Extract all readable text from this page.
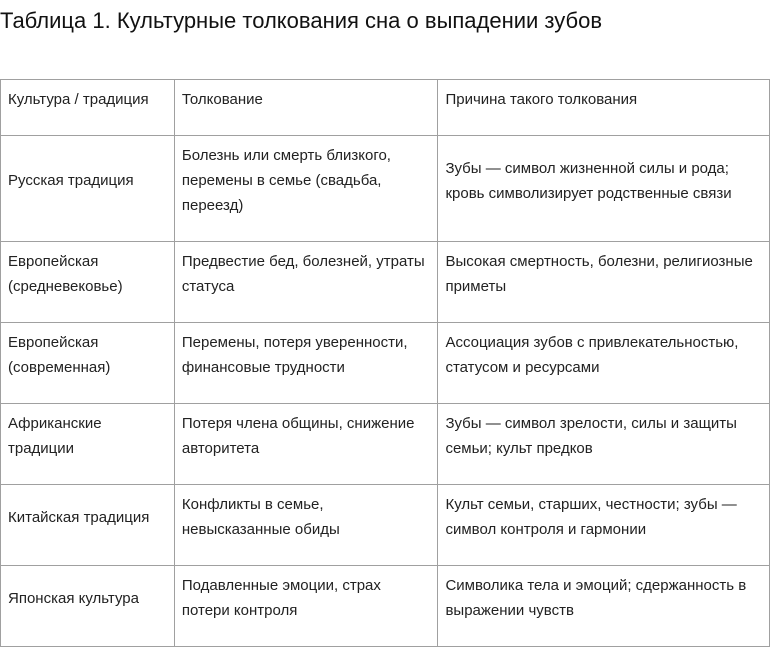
Таблица 1. Культурные толкования сна о выпадении зубов
Культура / традиция	Толкование	Причина такого толкования

Русская традиция	Болезнь или смерть близкого, перемены в семье (свадьба, переезд)	Зубы — символ жизненной силы и рода; кровь символизирует родственные связи

Европейская (средневековье)	Предвестие бед, болезней, утраты статуса	Высокая смертность, болезни, религиозные приметы

Европейская (современная)	Перемены, потеря уверенности, финансовые трудности	Ассоциация зубов с привлекательностью, статусом и ресурсами

Африканские традиции	Потеря члена общины, снижение авторитета	Зубы — символ зрелости, силы и защиты семьи; культ предков

Китайская традиция	Конфликты в семье, невысказанные обиды	Культ семьи, старших, честности; зубы — символ контроля и гармонии

Японская культура	Подавленные эмоции, страх потери контроля	Символика тела и эмоций; сдержанность в выражении чувств
